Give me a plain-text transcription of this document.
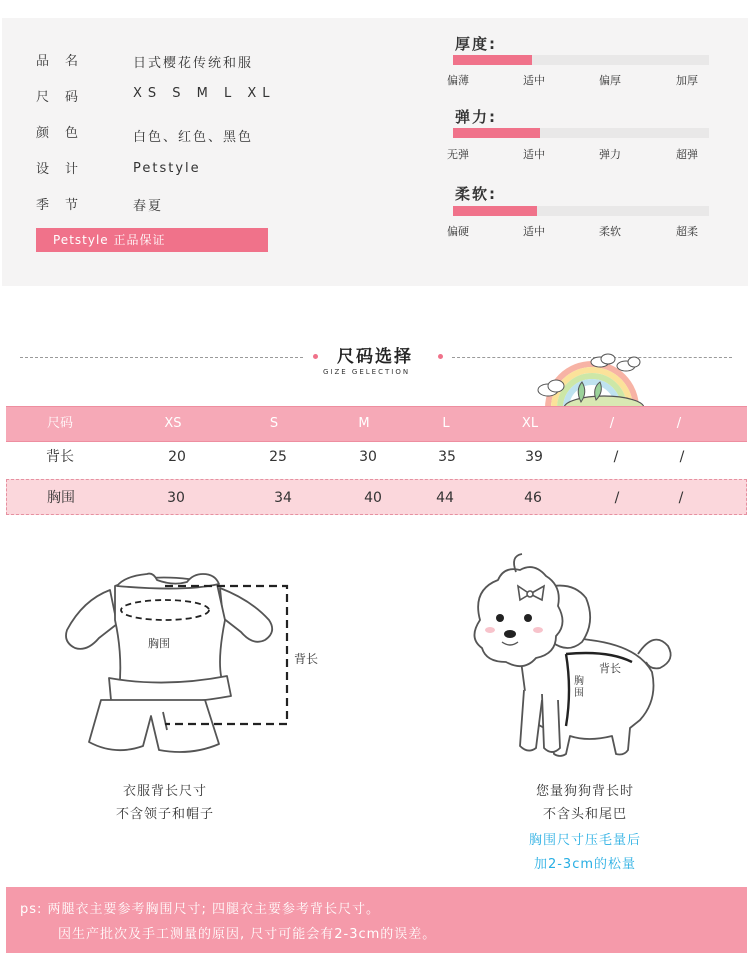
品名	日式樱花传统和服
尺码	XS S M L XL
颜色	白色、红色、黑色
设计	Petstyle
季节	春夏
Petstyle 正品保证
厚度:
偏薄	适中	偏厚	加厚
弹力:
无弹	适中	弹力	超弹
柔软:
偏硬	适中	柔软	超柔
尺码选择
GIZE GELECTION
尺码	XS	S	M	L	XL	/	/
背长	20	25	30	35	39	/	/
胸围	30	34	40	44	46	/	/
胸围
背长
衣服背长尺寸
不含领子和帽子
背长
胸围
您量狗狗背长时
不含头和尾巴
胸围尺寸压毛量后
加2-3cm的松量
ps: 两腿衣主要参考胸围尺寸; 四腿衣主要参考背长尺寸。
因生产批次及手工测量的原因, 尺寸可能会有2-3cm的误差。
